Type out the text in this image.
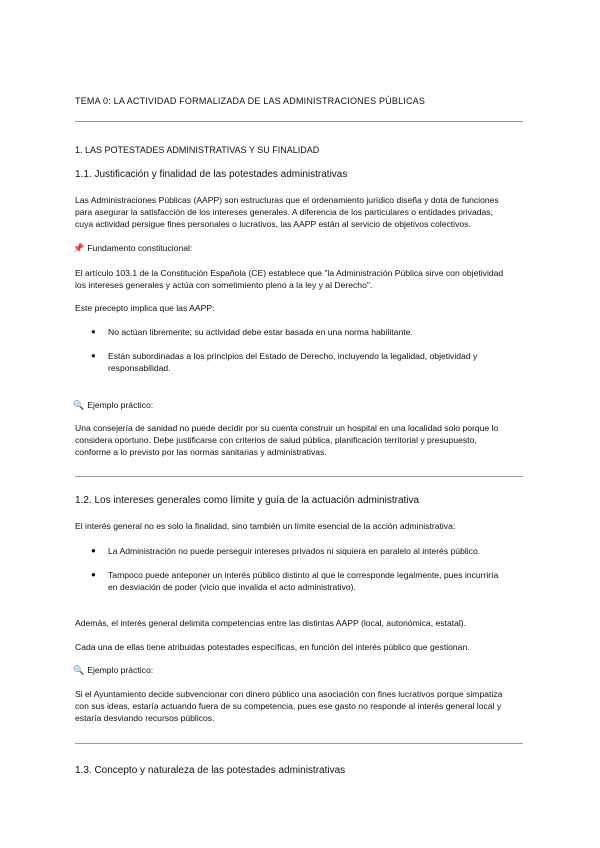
TEMA 0: LA ACTIVIDAD FORMALIZADA DE LAS ADMINISTRACIONES PÚBLICAS
1. LAS POTESTADES ADMINISTRATIVAS Y SU FINALIDAD
1.1. Justificación y finalidad de las potestades administrativas
Las Administraciones Públicas (AAPP) son estructuras que el ordenamiento jurídico diseña y dota de funciones
para asegurar la satisfacción de los intereses generales. A diferencia de los particulares o entidades privadas,
cuya actividad persigue fines personales o lucrativos, las AAPP están al servicio de objetivos colectivos.
📌 Fundamento constitucional:
El artículo 103.1 de la Constitución Española (CE) establece que "la Administración Pública sirve con objetividad
los intereses generales y actúa con sometimiento pleno a la ley y al Derecho".
Este precepto implica que las AAPP:
● No actúan libremente; su actividad debe estar basada en una norma habilitante.
● Están subordinadas a los principios del Estado de Derecho, incluyendo la legalidad, objetividad y
responsabilidad.
🔍 Ejemplo práctico:
Una consejería de sanidad no puede decidir por su cuenta construir un hospital en una localidad solo porque lo
considera oportuno. Debe justificarse con criterios de salud pública, planificación territorial y presupuesto,
conforme a lo previsto por las normas sanitarias y administrativas.
1.2. Los intereses generales como límite y guía de la actuación administrativa
El interés general no es solo la finalidad, sino también un límite esencial de la acción administrativa:
● La Administración no puede perseguir intereses privados ni siquiera en paralelo al interés público.
● Tampoco puede anteponer un interés público distinto al que le corresponde legalmente, pues incurriría
en desviación de poder (vicio que invalida el acto administrativo).
Además, el interés general delimita competencias entre las distintas AAPP (local, autonómica, estatal).
Cada una de ellas tiene atribuidas potestades específicas, en función del interés público que gestionan.
🔍 Ejemplo práctico:
Si el Ayuntamiento decide subvencionar con dinero público una asociación con fines lucrativos porque simpatiza
con sus ideas, estaría actuando fuera de su competencia, pues ese gasto no responde al interés general local y
estaría desviando recursos públicos.
1.3. Concepto y naturaleza de las potestades administrativas
